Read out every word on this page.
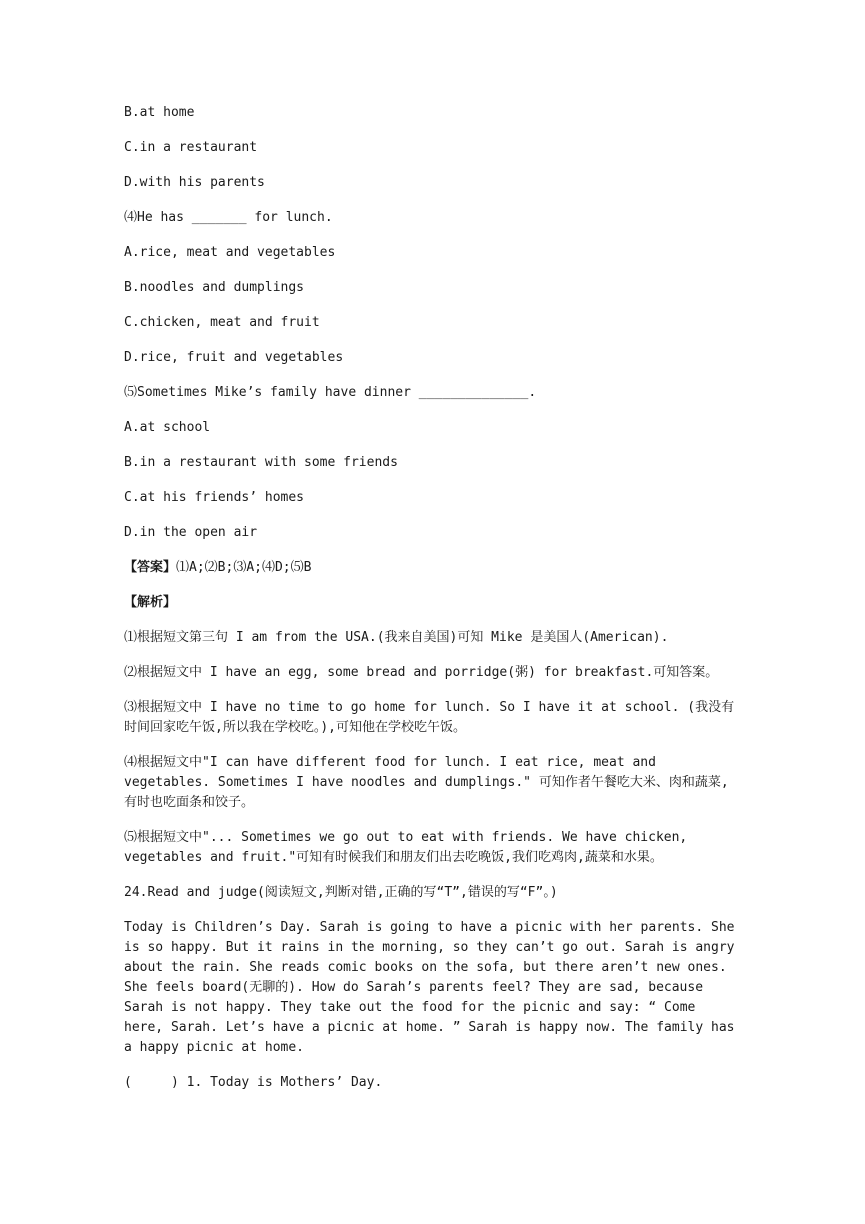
B.at home
C.in a restaurant
D.with his parents
⑷He has _______ for lunch.
A.rice, meat and vegetables
B.noodles and dumplings
C.chicken, meat and fruit
D.rice, fruit and vegetables
⑸Sometimes Mike’s family have dinner ______________.
A.at school
B.in a restaurant with some friends
C.at his friends’ homes
D.in the open air
【答案】⑴A;⑵B;⑶A;⑷D;⑸B
【解析】
⑴根据短文第三句 I am from the USA.(我来自美国)可知 Mike 是美国人(American).
⑵根据短文中 I have an egg, some bread and porridge(粥) for breakfast.可知答案。
⑶根据短文中 I have no time to go home for lunch. So I have it at school. (我没有时间回家吃午饭,所以我在学校吃。),可知他在学校吃午饭。
⑷根据短文中"I can have different food for lunch. I eat rice, meat and vegetables. Sometimes I have noodles and dumplings." 可知作者午餐吃大米、肉和蔬菜,有时也吃面条和饺子。
⑸根据短文中"... Sometimes we go out to eat with friends. We have chicken, vegetables and fruit."可知有时候我们和朋友们出去吃晚饭,我们吃鸡肉,蔬菜和水果。
24.Read and judge(阅读短文,判断对错,正确的写“T”,错误的写“F”。)
Today is Children’s Day. Sarah is going to have a picnic with her parents. She is so happy. But it rains in the morning, so they can’t go out. Sarah is angry about the rain. She reads comic books on the sofa, but there aren’t new ones. She feels board(无聊的). How do Sarah’s parents feel? They are sad, because Sarah is not happy. They take out the food for the picnic and say: “ Come here, Sarah. Let’s have a picnic at home. ” Sarah is happy now. The family has a happy picnic at home.
(     ) 1. Today is Mothers’ Day.
